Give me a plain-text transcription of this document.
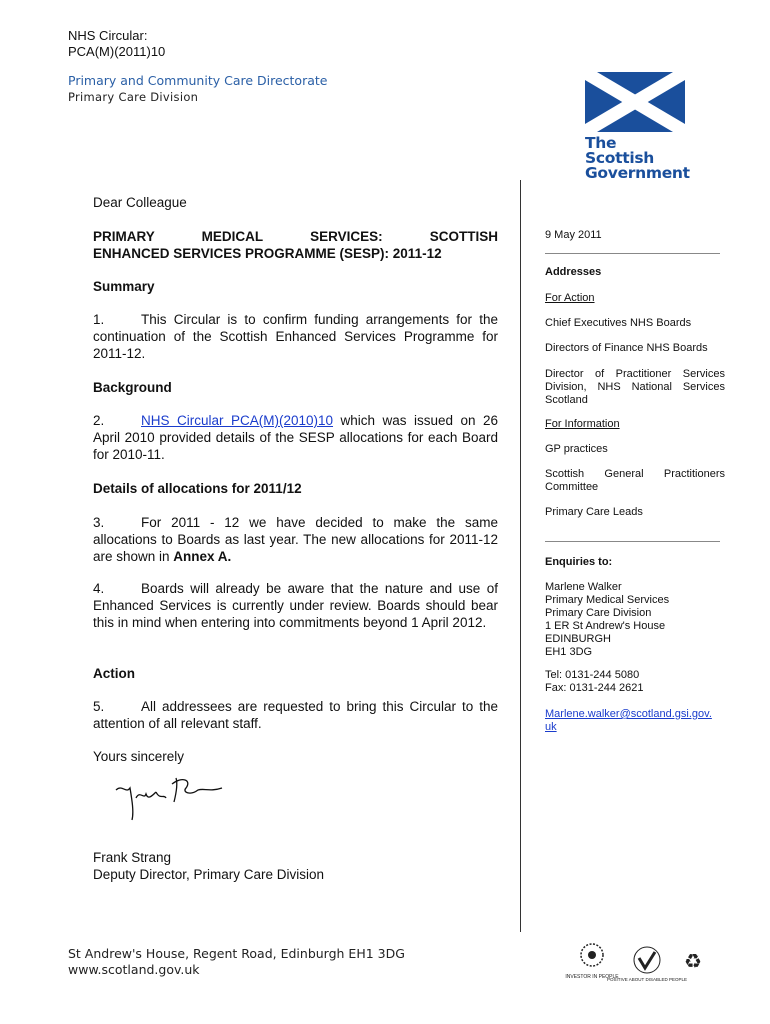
NHS Circular:
PCA(M)(2011)10
Primary and Community Care Directorate
Primary Care Division
The Scottish
Government
Dear Colleague
PRIMARY MEDICAL SERVICES: SCOTTISH
ENHANCED SERVICES PROGRAMME (SESP): 2011-12
Summary
1.	This Circular is to confirm funding arrangements for the continuation of the Scottish Enhanced Services Programme for 2011-12.
Background
2.	NHS Circular PCA(M)(2010)10 which was issued on 26 April 2010 provided details of the SESP allocations for each Board for 2010-11.
Details of allocations for 2011/12
3.	For 2011 - 12 we have decided to make the same allocations to Boards as last year. The new allocations for 2011-12 are shown in Annex A.
4.	Boards will already be aware that the nature and use of Enhanced Services is currently under review. Boards should bear this in mind when entering into commitments beyond 1 April 2012.
Action
5.	All addressees are requested to bring this Circular to the attention of all relevant staff.
Yours sincerely
Frank Strang
Deputy Director, Primary Care Division
9 May 2011
Addresses
For Action
Chief Executives NHS Boards
Directors of Finance NHS Boards
Director of Practitioner Services Division, NHS National Services Scotland
For Information
GP practices
Scottish General Practitioners Committee
Primary Care Leads
Enquiries to:
Marlene Walker
Primary Medical Services
Primary Care Division
1 ER St Andrew's House
EDINBURGH
EH1 3DG
Tel: 0131-244 5080
Fax: 0131-244 2621
Marlene.walker@scotland.gsi.gov.
uk
St Andrew's House, Regent Road, Edinburgh EH1 3DG
www.scotland.gov.uk	INVESTOR IN PEOPLE
POSITIVE ABOUT DISABLED PEOPLE
♻
